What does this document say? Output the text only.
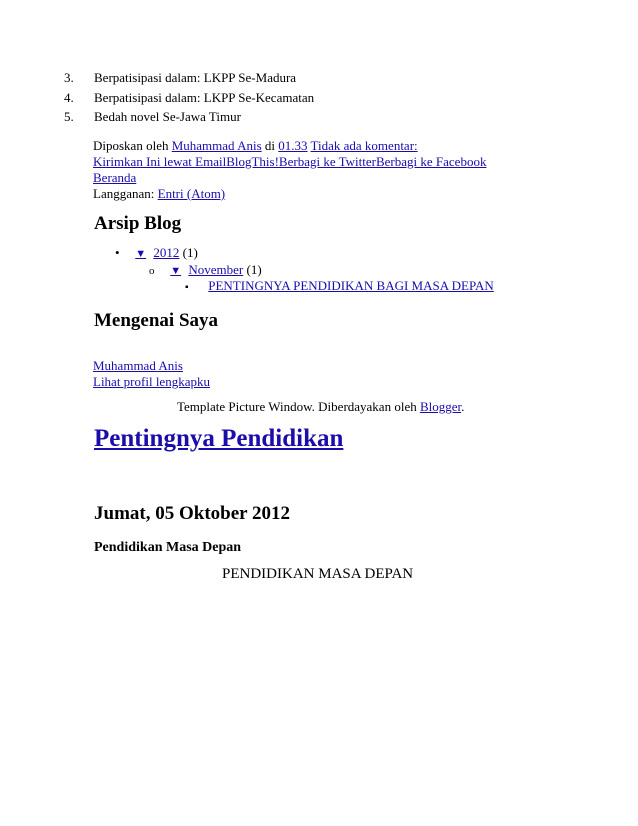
3. Berpatisipasi dalam: LKPP Se-Madura
4. Berpatisipasi dalam: LKPP Se-Kecamatan
5. Bedah novel Se-Jawa Timur
Diposkan oleh Muhammad Anis di 01.33 Tidak ada komentar:
Kirimkan Ini lewat EmailBlogThis!Berbagi ke TwitterBerbagi ke Facebook
Beranda
Langganan: Entri (Atom)
Arsip Blog
• ▼ 2012 (1)
o ▼ November (1)
▪ PENTINGNYA PENDIDIKAN BAGI MASA DEPAN
Mengenai Saya
Muhammad Anis
Lihat profil lengkapku
Template Picture Window. Diberdayakan oleh Blogger.
Pentingnya Pendidikan
Jumat, 05 Oktober 2012
Pendidikan Masa Depan
PENDIDIKAN MASA DEPAN
